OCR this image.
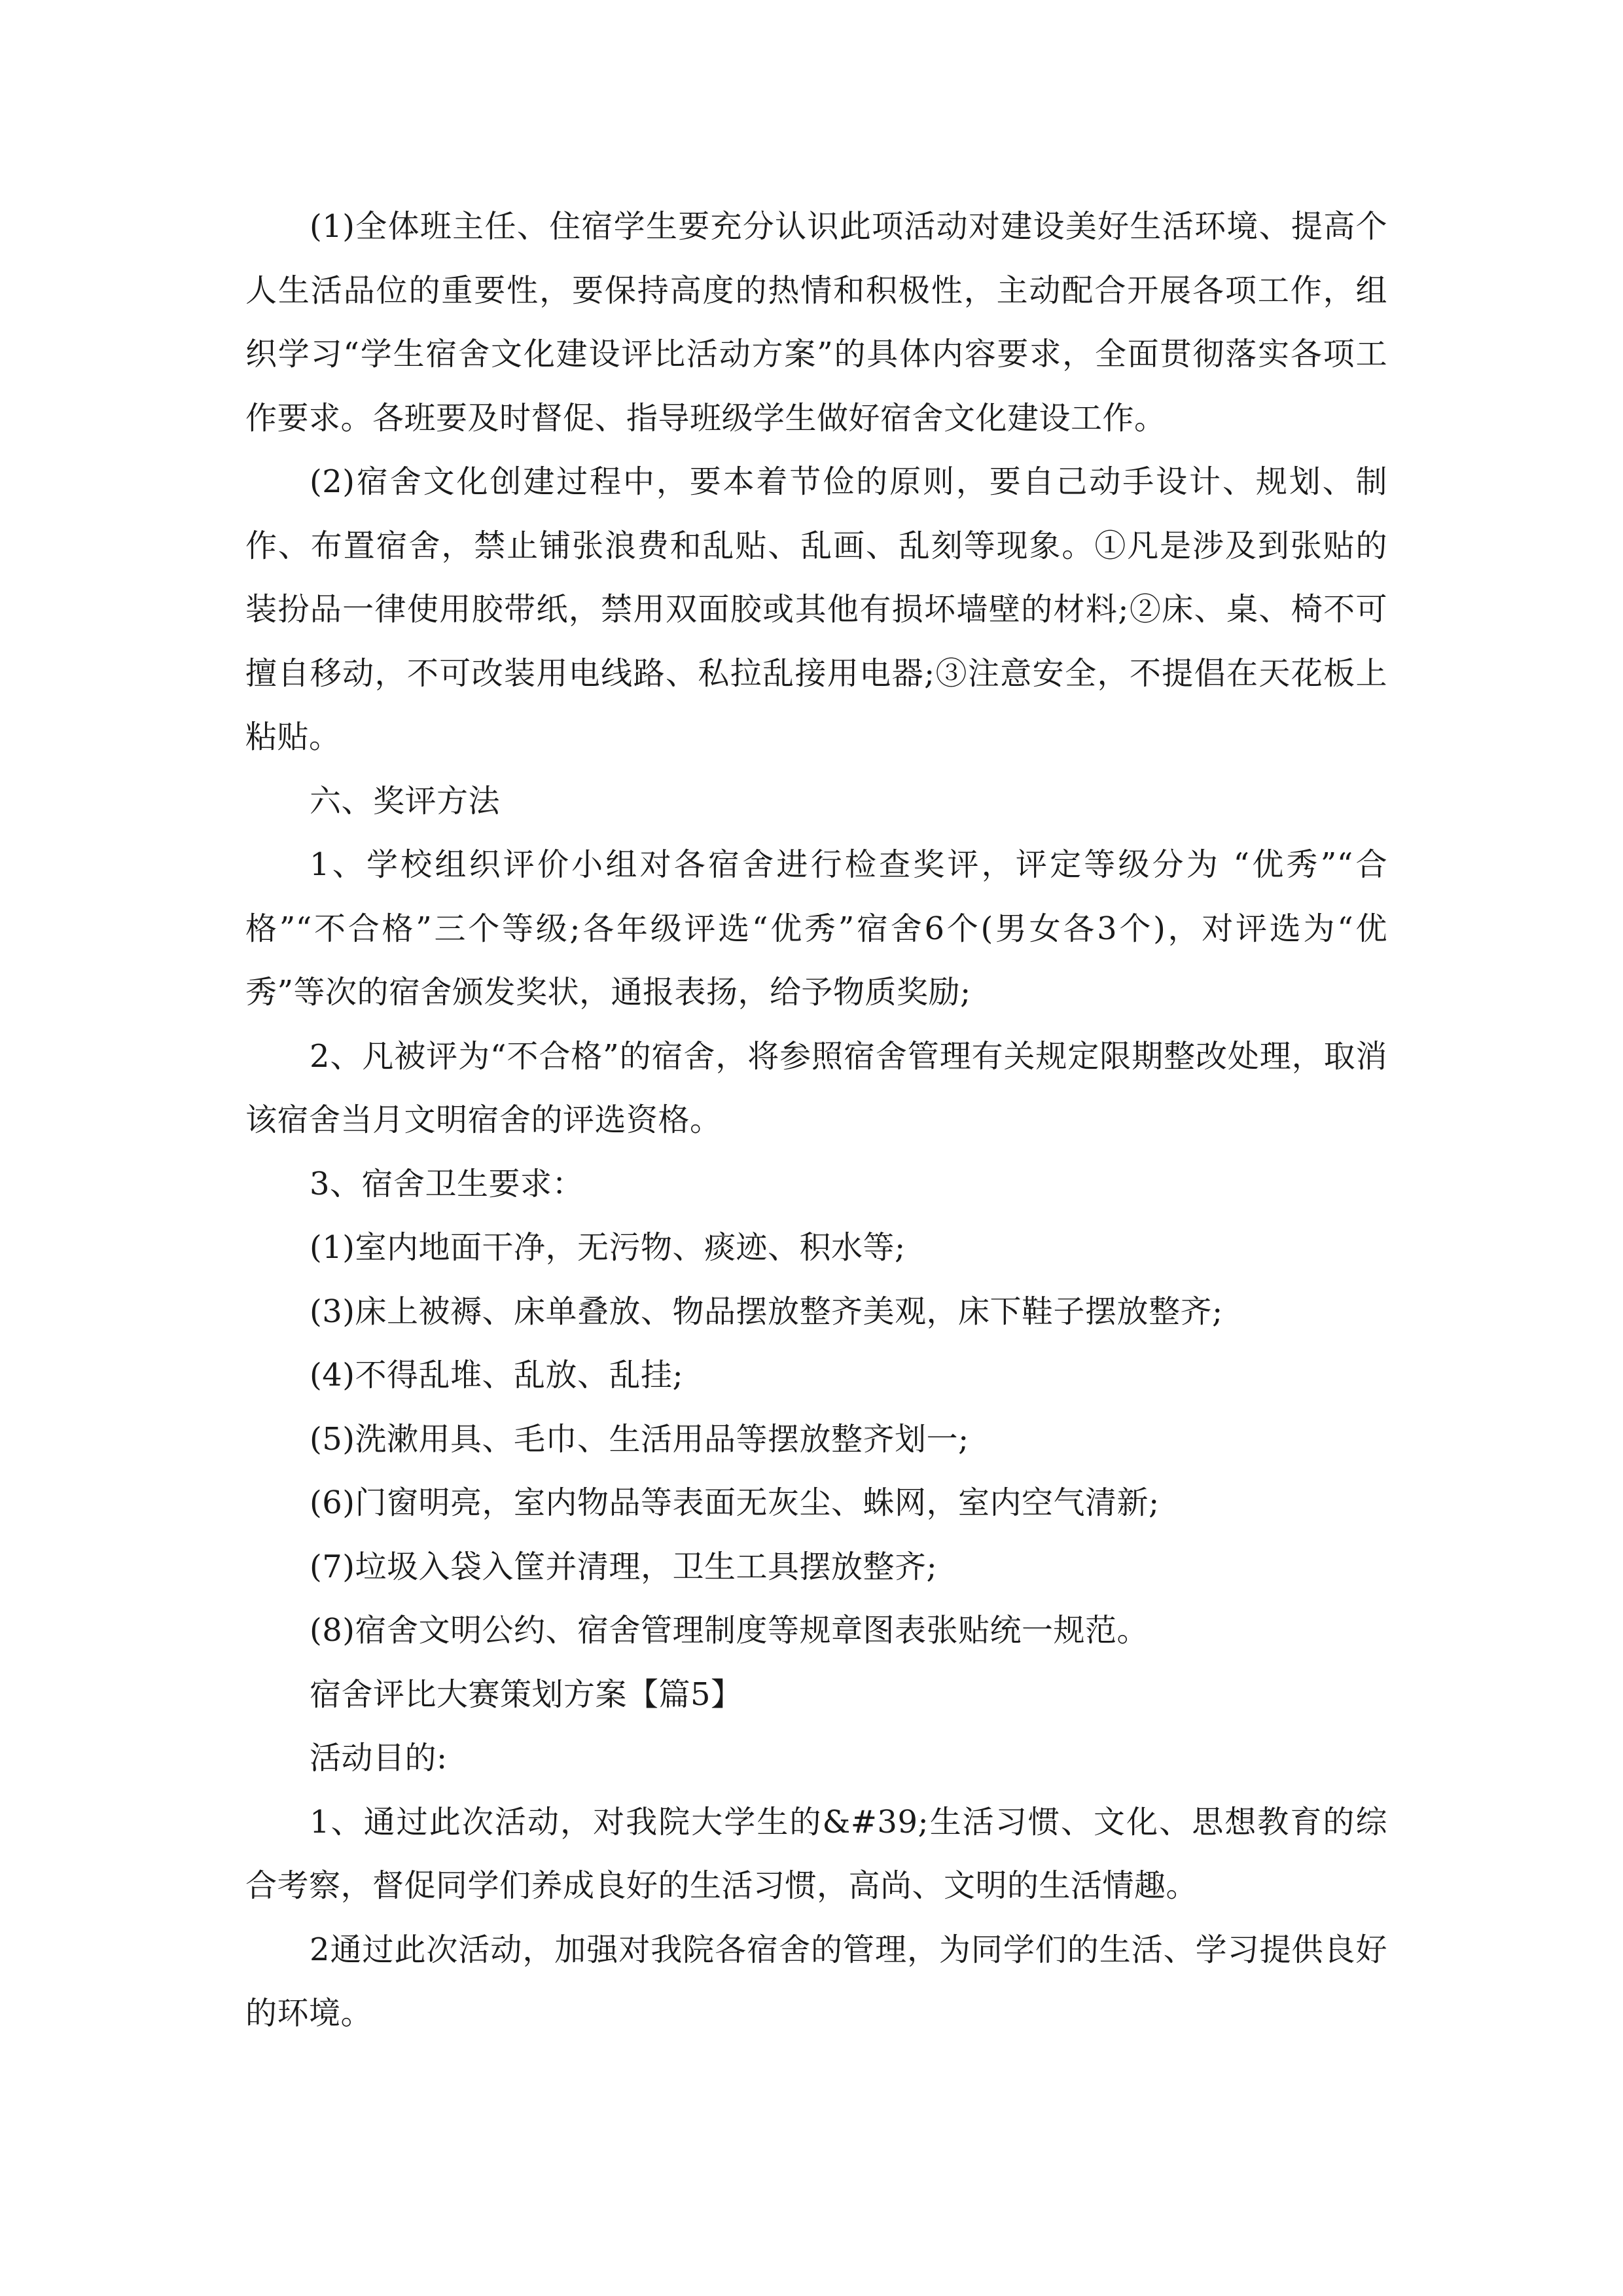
(1)全体班主任、住宿学生要充分认识此项活动对建设美好生活环境、提高个人生活品位的重要性，要保持高度的热情和积极性，主动配合开展各项工作，组织学习“学生宿舍文化建设评比活动方案”的具体内容要求，全面贯彻落实各项工作要求。各班要及时督促、指导班级学生做好宿舍文化建设工作。

(2)宿舍文化创建过程中，要本着节俭的原则，要自己动手设计、规划、制作、布置宿舍，禁止铺张浪费和乱贴、乱画、乱刻等现象。①凡是涉及到张贴的装扮品一律使用胶带纸，禁用双面胶或其他有损坏墙壁的材料;②床、桌、椅不可擅自移动，不可改装用电线路、私拉乱接用电器;③注意安全，不提倡在天花板上粘贴。

六、奖评方法

1、学校组织评价小组对各宿舍进行检查奖评，评定等级分为 “优秀”“合格”“不合格”三个等级;各年级评选“优秀”宿舍6个(男女各3个)，对评选为“优秀”等次的宿舍颁发奖状，通报表扬，给予物质奖励;

2、凡被评为“不合格”的宿舍，将参照宿舍管理有关规定限期整改处理，取消该宿舍当月文明宿舍的评选资格。

3、宿舍卫生要求：

(1)室内地面干净，无污物、痰迹、积水等;

(3)床上被褥、床单叠放、物品摆放整齐美观，床下鞋子摆放整齐;

(4)不得乱堆、乱放、乱挂;

(5)洗漱用具、毛巾、生活用品等摆放整齐划一;

(6)门窗明亮，室内物品等表面无灰尘、蛛网，室内空气清新;

(7)垃圾入袋入筐并清理，卫生工具摆放整齐;

(8)宿舍文明公约、宿舍管理制度等规章图表张贴统一规范。

宿舍评比大赛策划方案【篇5】

活动目的:

1、通过此次活动，对我院大学生的&#39;生活习惯、文化、思想教育的综合考察，督促同学们养成良好的生活习惯，高尚、文明的生活情趣。

2通过此次活动，加强对我院各宿舍的管理，为同学们的生活、学习提供良好的环境。
